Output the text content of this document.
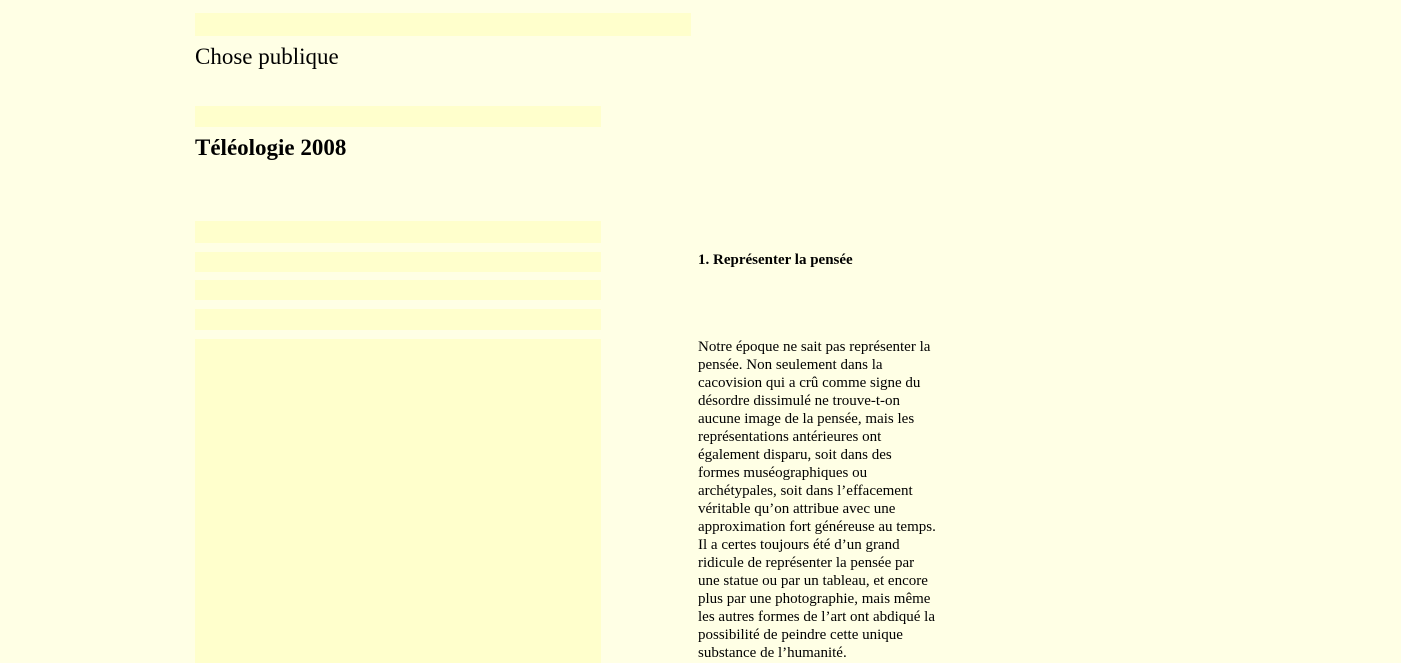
Chose publique
Téléologie 2008
1. Représenter la pensée

Notre époque ne sait pas représenter la
pensée. Non seulement dans la
cacovision qui a crû comme signe du
désordre dissimulé ne trouve-t-on
aucune image de la pensée, mais les
représentations antérieures ont
également disparu, soit dans des
formes muséographiques ou
archétypales, soit dans l’effacement
véritable qu’on attribue avec une
approximation fort généreuse au temps.
Il a certes toujours été d’un grand
ridicule de représenter la pensée par
une statue ou par un tableau, et encore
plus par une photographie, mais même
les autres formes de l’art ont abdiqué la
possibilité de peindre cette unique
substance de l’humanité.
